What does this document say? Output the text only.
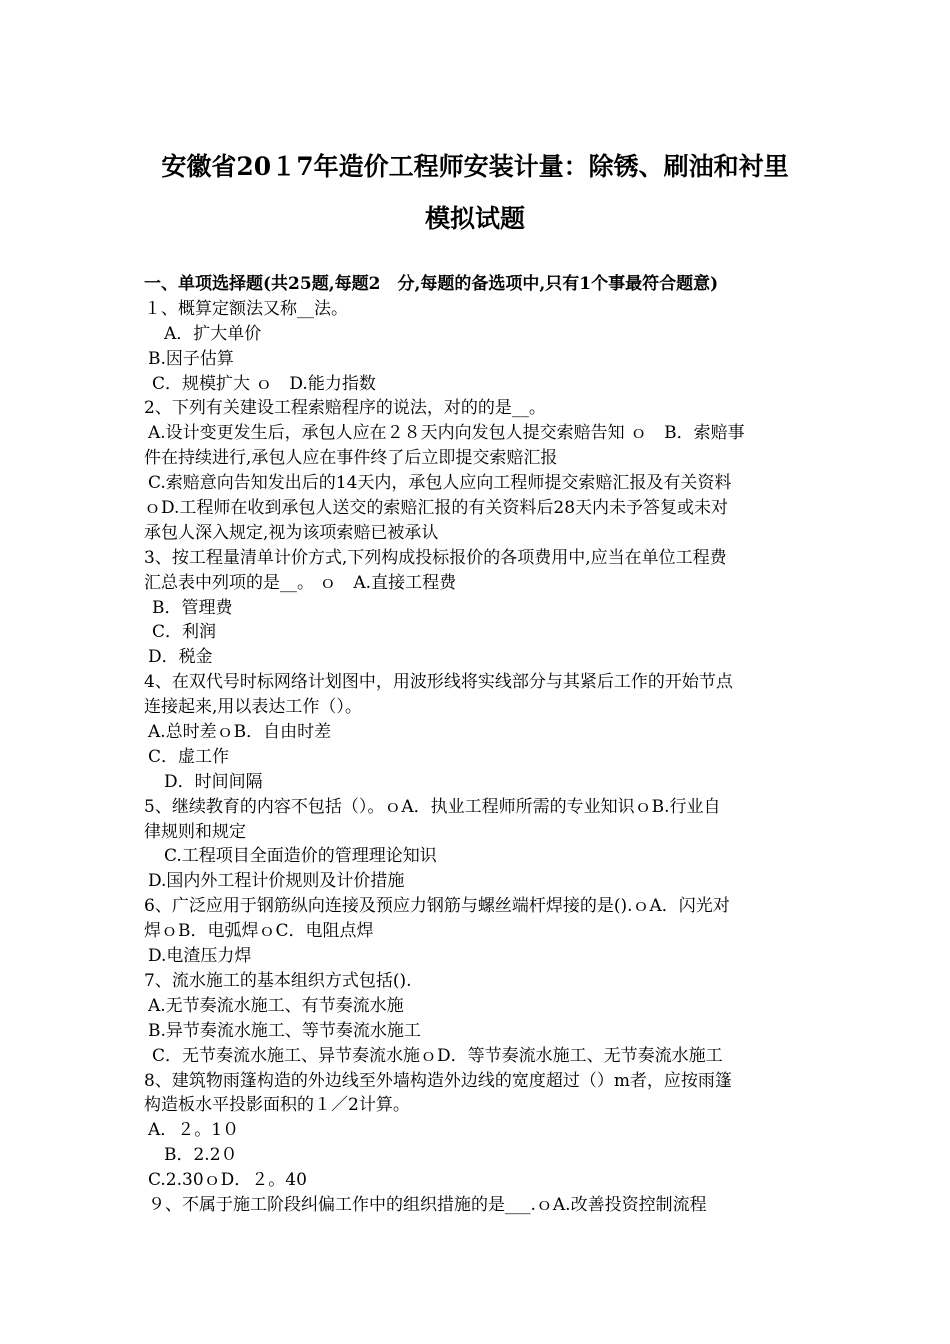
安徽省20１7年造价工程师安装计量：除锈、刷油和衬里
模拟试题
一、单项选择题(共25题,每题2　分,每题的备选项中,只有1个事最符合题意)
１、概算定额法又称__法。
A．扩大单价
B.因子估算
C．规模扩大 ｏ　D.能力指数
2、下列有关建设工程索赔程序的说法，对的的是__。
A.设计变更发生后，承包人应在２８天内向发包人提交索赔告知 ｏ　B．索赔事
件在持续进行,承包人应在事件终了后立即提交索赔汇报
C.索赔意向告知发出后的14天内，承包人应向工程师提交索赔汇报及有关资料
ｏD.工程师在收到承包人送交的索赔汇报的有关资料后28天内未予答复或未对
承包人深入规定,视为该项索赔已被承认
3、按工程量清单计价方式,下列构成投标报价的各项费用中,应当在单位工程费
汇总表中列项的是__。 ｏ　A.直接工程费
B．管理费
C．利润
D．税金
4、在双代号时标网络计划图中，用波形线将实线部分与其紧后工作的开始节点
连接起来,用以表达工作（）。
A.总时差ｏB．自由时差
C．虚工作
D．时间间隔
5、继续教育的内容不包括（）。ｏA．执业工程师所需的专业知识ｏB.行业自
律规则和规定
C.工程项目全面造价的管理理论知识
D.国内外工程计价规则及计价措施
6、广泛应用于钢筋纵向连接及预应力钢筋与螺丝端杆焊接的是().ｏA．闪光对
焊ｏB．电弧焊ｏC．电阻点焊
D.电渣压力焊
7、流水施工的基本组织方式包括().
A.无节奏流水施工、有节奏流水施
B.异节奏流水施工、等节奏流水施工
C．无节奏流水施工、异节奏流水施ｏD．等节奏流水施工、无节奏流水施工
8、建筑物雨篷构造的外边线至外墙构造外边线的宽度超过（）m者，应按雨篷
构造板水平投影面积的１／2计算。
A．２。1０
B．2.2０
C.2.30ｏD．２。40
９、不属于施工阶段纠偏工作中的组织措施的是___.ｏA.改善投资控制流程
